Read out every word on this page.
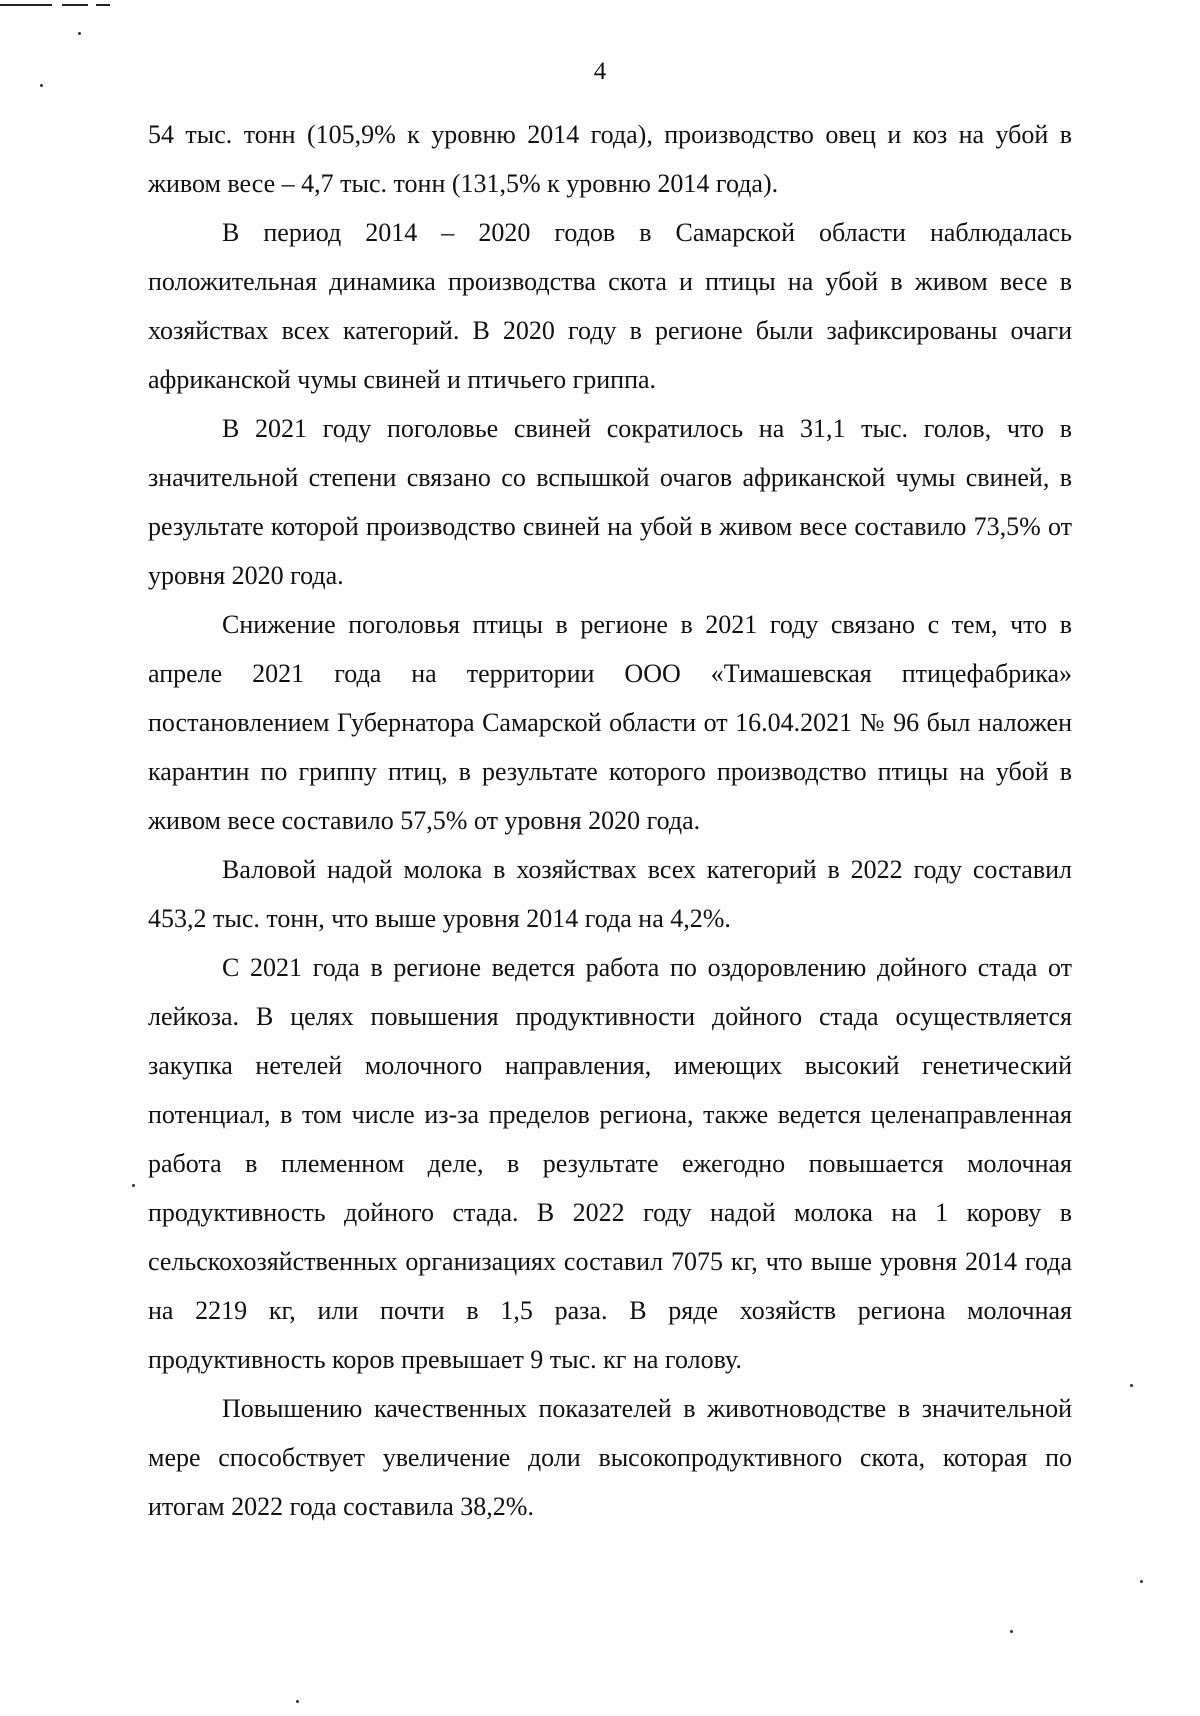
4

54 тыс. тонн (105,9% к уровню 2014 года), производство овец и коз на убой в живом весе – 4,7 тыс. тонн (131,5% к уровню 2014 года).

В период 2014 – 2020 годов в Самарской области наблюдалась положительная динамика производства скота и птицы на убой в живом весе в хозяйствах всех категорий. В 2020 году в регионе были зафиксированы очаги африканской чумы свиней и птичьего гриппа.

В 2021 году поголовье свиней сократилось на 31,1 тыс. голов, что в значительной степени связано со вспышкой очагов африканской чумы свиней, в результате которой производство свиней на убой в живом весе составило 73,5% от уровня 2020 года.

Снижение поголовья птицы в регионе в 2021 году связано с тем, что в апреле 2021 года на территории ООО «Тимашевская птицефабрика» постановлением Губернатора Самарской области от 16.04.2021 № 96 был наложен карантин по гриппу птиц, в результате которого производство птицы на убой в живом весе составило 57,5% от уровня 2020 года.

Валовой надой молока в хозяйствах всех категорий в 2022 году составил 453,2 тыс. тонн, что выше уровня 2014 года на 4,2%.

С 2021 года в регионе ведется работа по оздоровлению дойного стада от лейкоза. В целях повышения продуктивности дойного стада осуществляется закупка нетелей молочного направления, имеющих высокий генетический потенциал, в том числе из-за пределов региона, также ведется целенаправленная работа в племенном деле, в результате ежегодно повышается молочная продуктивность дойного стада. В 2022 году надой молока на 1 корову в сельскохозяйственных организациях составил 7075 кг, что выше уровня 2014 года на 2219 кг, или почти в 1,5 раза. В ряде хозяйств региона молочная продуктивность коров превышает 9 тыс. кг на голову.

Повышению качественных показателей в животноводстве в значительной мере способствует увеличение доли высокопродуктивного скота, которая по итогам 2022 года составила 38,2%.
